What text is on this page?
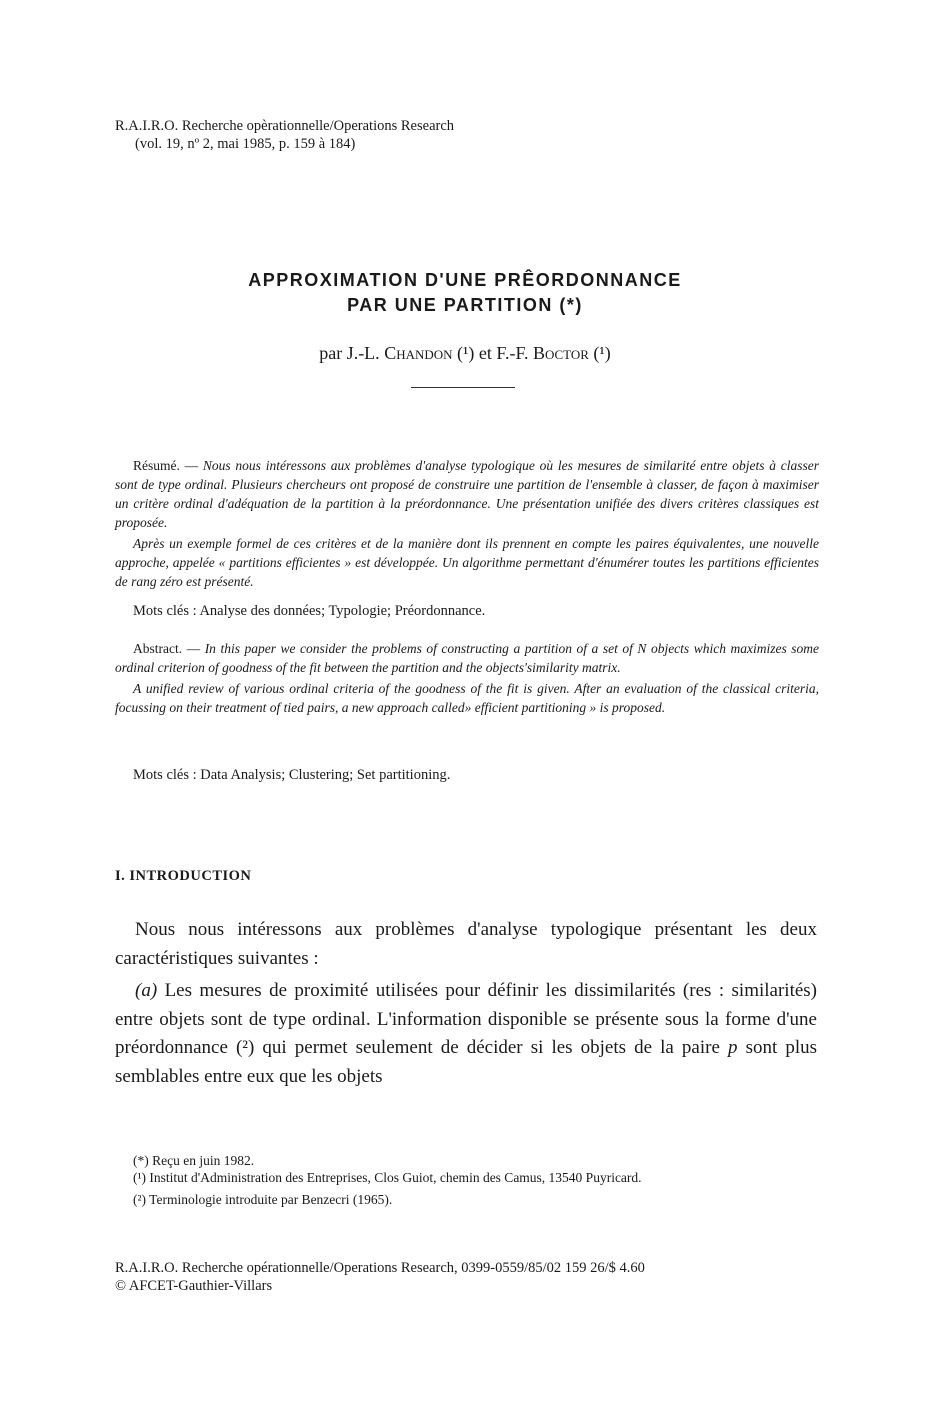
R.A.I.R.O. Recherche opèrationnelle/Operations Research
(vol. 19, nº 2, mai 1985, p. 159 à 184)
APPROXIMATION D'UNE PRÊORDONNANCE
PAR UNE PARTITION (*)
par J.-L. Chandon (¹) et F.-F. Boctor (¹)

Résumé. — Nous nous intéressons aux problèmes d'analyse typologique où les mesures de similarité entre objets à classer sont de type ordinal. Plusieurs chercheurs ont proposé de construire une partition de l'ensemble à classer, de façon à maximiser un critère ordinal d'adéquation de la partition à la préordonnance. Une présentation unifiée des divers critères classiques est proposée.

Après un exemple formel de ces critères et de la manière dont ils prennent en compte les paires équivalentes, une nouvelle approche, appelée « partitions efficientes » est développée. Un algorithme permettant d'énumérer toutes les partitions efficientes de rang zéro est présenté.

Mots clés : Analyse des données; Typologie; Préordonnance.

Abstract. — In this paper we consider the problems of constructing a partition of a set of N objects which maximizes some ordinal criterion of goodness of the fit between the partition and the objects'similarity matrix.

A unified review of various ordinal criteria of the goodness of the fit is given. After an evaluation of the classical criteria, focussing on their treatment of tied pairs, a new approach called» efficient partitioning » is proposed.

Mots clés : Data Analysis; Clustering; Set partitioning.
I. INTRODUCTION

Nous nous intéressons aux problèmes d'analyse typologique présentant les deux caractéristiques suivantes :

(a) Les mesures de proximité utilisées pour définir les dissimilarités (res : similarités) entre objets sont de type ordinal. L'information disponible se présente sous la forme d'une préordonnance (²) qui permet seulement de décider si les objets de la paire p sont plus semblables entre eux que les objets

(*) Reçu en juin 1982.

(¹) Institut d'Administration des Entreprises, Clos Guiot, chemin des Camus, 13540 Puyricard.

(²) Terminologie introduite par Benzecri (1965).

R.A.I.R.O. Recherche opérationnelle/Operations Research, 0399-0559/85/02 159 26/$ 4.60
© AFCET-Gauthier-Villars
